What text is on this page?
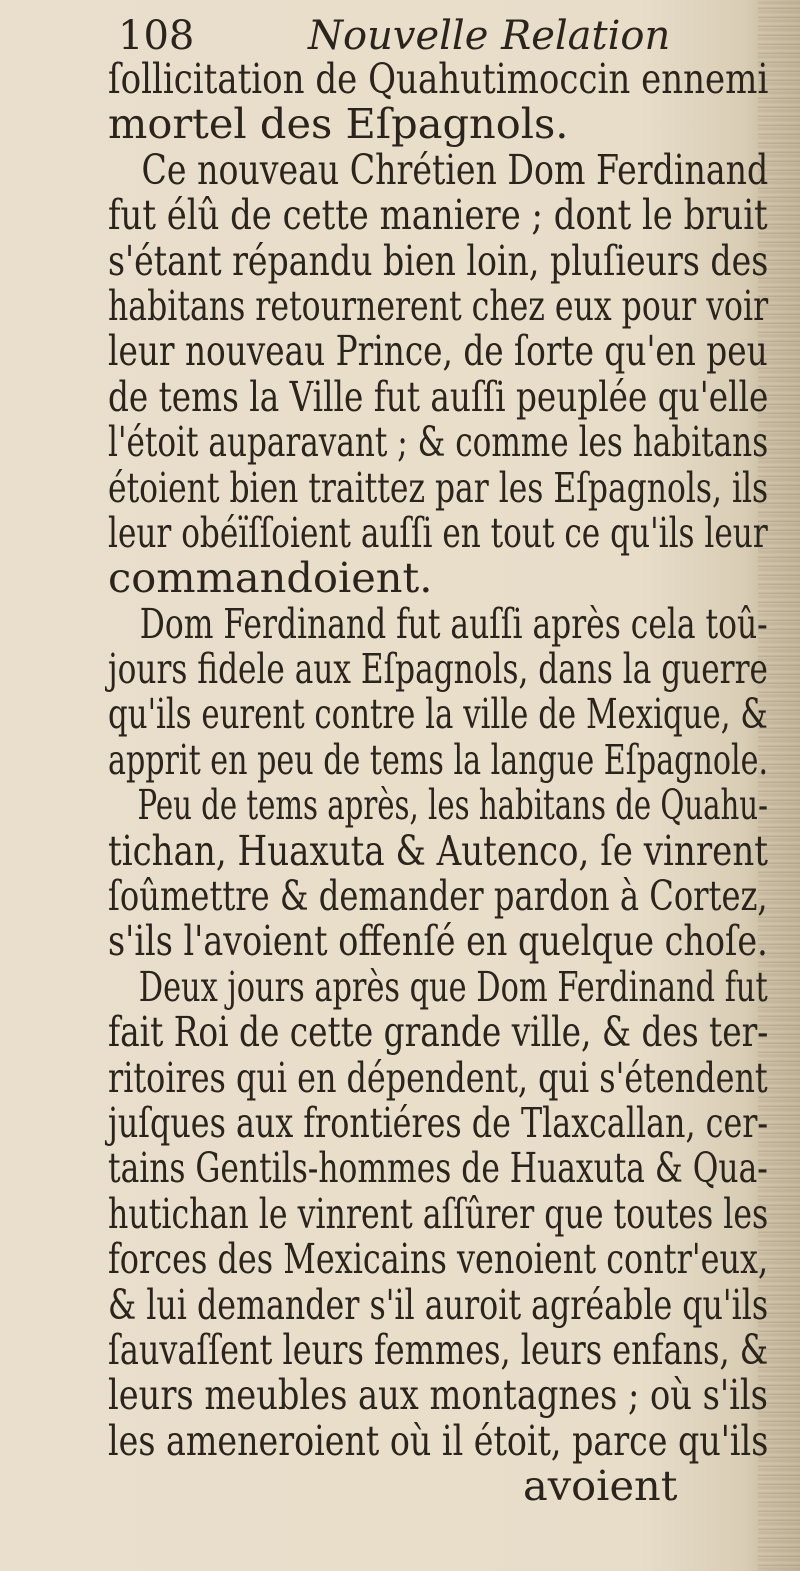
108	Nouvelle Relation
ſollicitation de Quahutimoccin ennemi
mortel des Eſpagnols.
Ce nouveau Chrétien Dom Ferdinand
fut élû de cette maniere ; dont le bruit
s'étant répandu bien loin, pluſieurs des
habitans retournerent chez eux pour voir
leur nouveau Prince, de ſorte qu'en peu
de tems la Ville fut auſſi peuplée qu'elle
l'étoit auparavant ; & comme les habitans
étoient bien traittez par les Eſpagnols, ils
leur obéïſſoient auſſi en tout ce qu'ils leur
commandoient.
Dom Ferdinand fut auſſi après cela toû-
jours fidele aux Eſpagnols, dans la guerre
qu'ils eurent contre la ville de Mexique, &
apprit en peu de tems la langue Eſpagnole.
Peu de tems après, les habitans de Quahu-
tichan, Huaxuta & Autenco, ſe vinrent
ſoûmettre & demander pardon à Cortez,
s'ils l'avoient offenſé en quelque choſe.
Deux jours après que Dom Ferdinand fut
fait Roi de cette grande ville, & des ter-
ritoires qui en dépendent, qui s'étendent
juſques aux frontiéres de Tlaxcallan, cer-
tains Gentils-hommes de Huaxuta & Qua-
hutichan le vinrent aſſûrer que toutes les
forces des Mexicains venoient contr'eux,
& lui demander s'il auroit agréable qu'ils
ſauvaſſent leurs femmes, leurs enfans, &
leurs meubles aux montagnes ; où s'ils
les ameneroient où il étoit, parce qu'ils
avoient
